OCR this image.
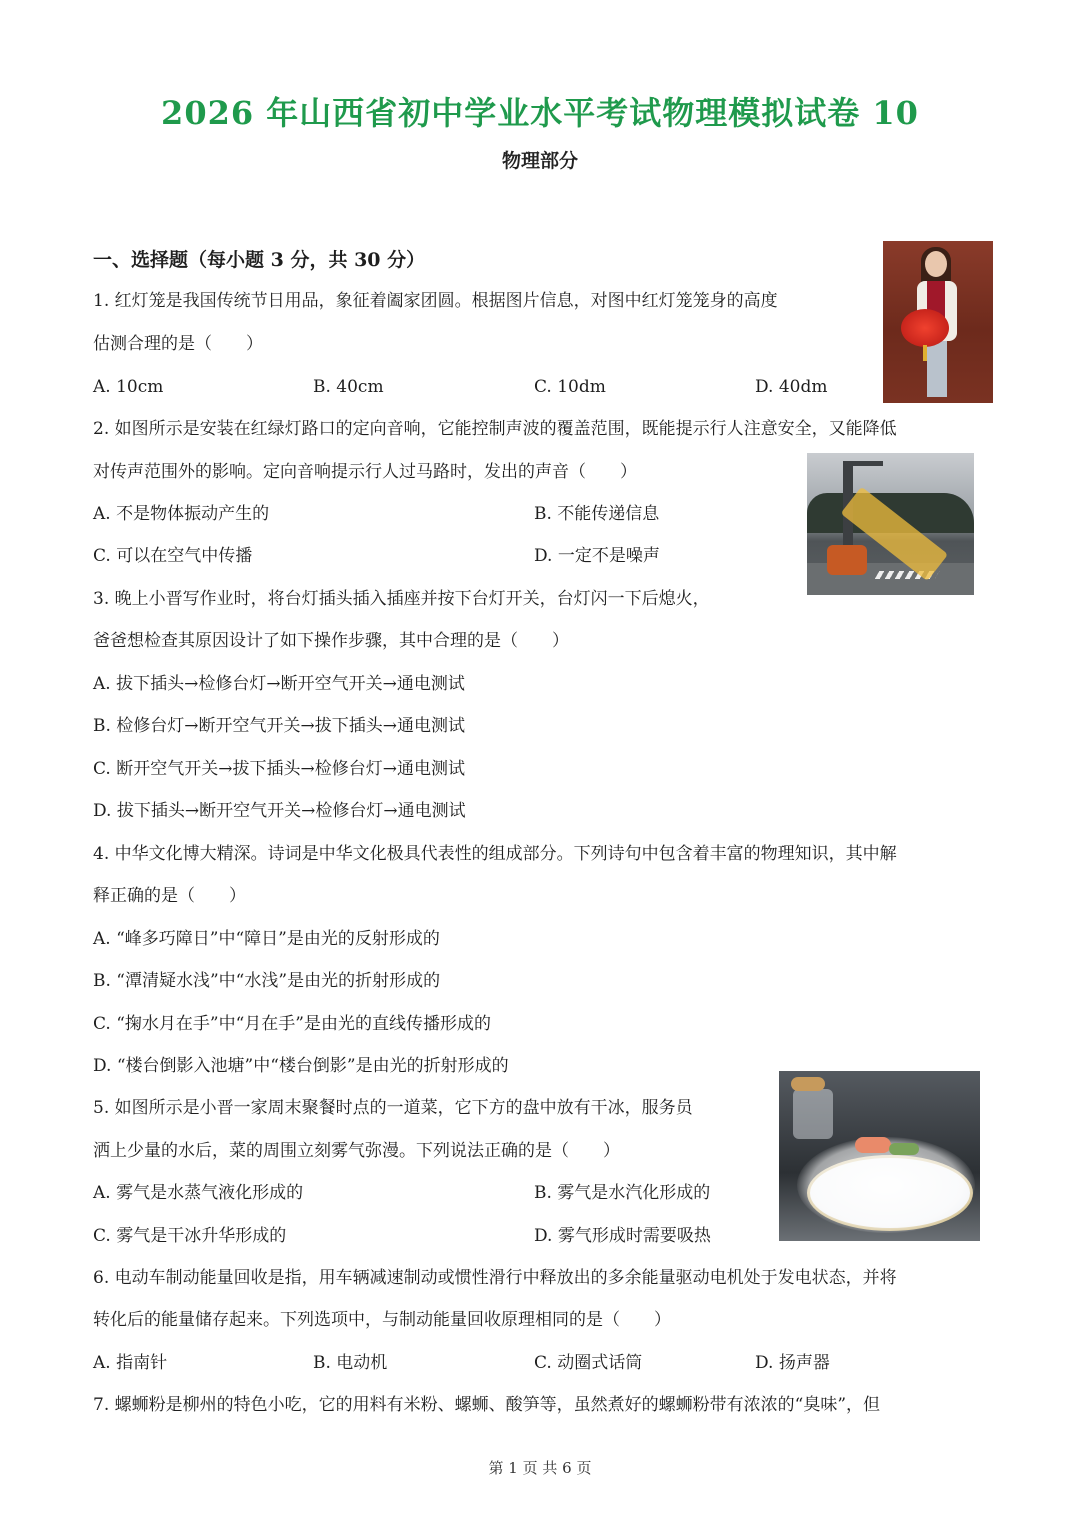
2026 年山西省初中学业水平考试物理模拟试卷 10
物理部分
一、选择题（每小题 3 分，共 30 分）
1. 红灯笼是我国传统节日用品，象征着阖家团圆。根据图片信息，对图中红灯笼笼身的高度
估测合理的是（　　）
A. 10cm	B. 40cm	C. 10dm	D. 40dm
2. 如图所示是安装在红绿灯路口的定向音响，它能控制声波的覆盖范围，既能提示行人注意安全，又能降低
对传声范围外的影响。定向音响提示行人过马路时，发出的声音（　　）
A. 不是物体振动产生的	B. 不能传递信息
C. 可以在空气中传播	D. 一定不是噪声
3. 晚上小晋写作业时，将台灯插头插入插座并按下台灯开关，台灯闪一下后熄火，
爸爸想检查其原因设计了如下操作步骤，其中合理的是（　　）
A. 拔下插头→检修台灯→断开空气开关→通电测试
B. 检修台灯→断开空气开关→拔下插头→通电测试
C. 断开空气开关→拔下插头→检修台灯→通电测试
D. 拔下插头→断开空气开关→检修台灯→通电测试
4. 中华文化博大精深。诗词是中华文化极具代表性的组成部分。下列诗句中包含着丰富的物理知识，其中解
释正确的是（　　）
A. “峰多巧障日”中“障日”是由光的反射形成的
B. “潭清疑水浅”中“水浅”是由光的折射形成的
C. “掬水月在手”中“月在手”是由光的直线传播形成的
D. “楼台倒影入池塘”中“楼台倒影”是由光的折射形成的
5. 如图所示是小晋一家周末聚餐时点的一道菜，它下方的盘中放有干冰，服务员
洒上少量的水后，菜的周围立刻雾气弥漫。下列说法正确的是（　　）
A. 雾气是水蒸气液化形成的	B. 雾气是水汽化形成的
C. 雾气是干冰升华形成的	D. 雾气形成时需要吸热
6. 电动车制动能量回收是指，用车辆减速制动或惯性滑行中释放出的多余能量驱动电机处于发电状态，并将
转化后的能量储存起来。下列选项中，与制动能量回收原理相同的是（　　）
A. 指南针	B. 电动机	C. 动圈式话筒	D. 扬声器
7. 螺蛳粉是柳州的特色小吃，它的用料有米粉、螺蛳、酸笋等，虽然煮好的螺蛳粉带有浓浓的“臭味”，但
第 1 页 共 6 页
